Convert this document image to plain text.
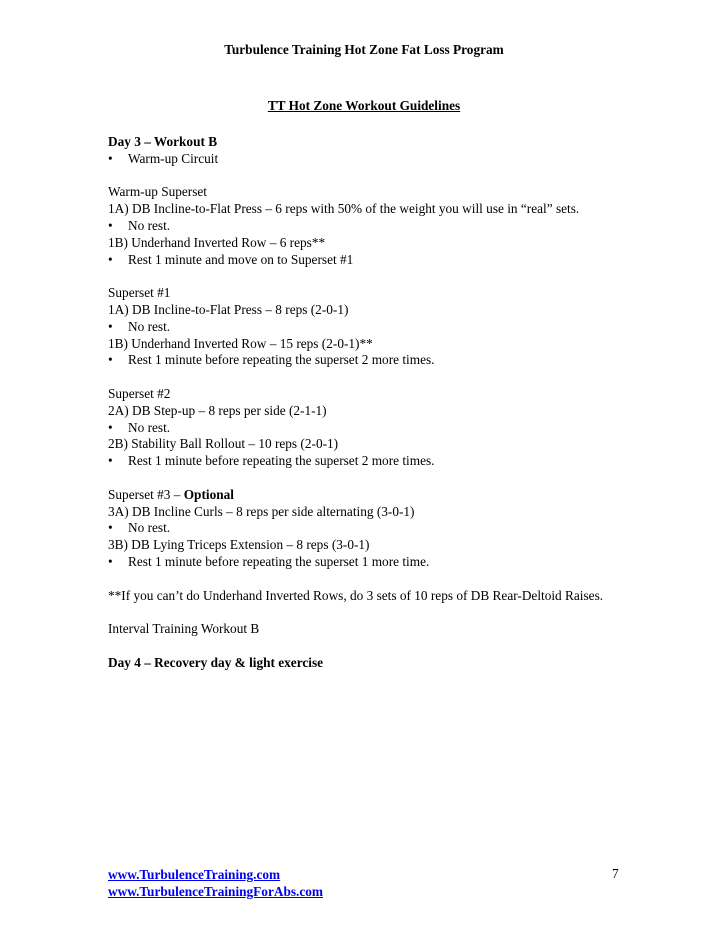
Turbulence Training Hot Zone Fat Loss Program
TT Hot Zone Workout Guidelines

Day 3 – Workout B

•	Warm-up Circuit

Warm-up Superset

1A) DB Incline-to-Flat Press – 6 reps with 50% of the weight you will use in “real” sets.

•	No rest.

1B) Underhand Inverted Row – 6 reps**

•	Rest 1 minute and move on to Superset #1

Superset #1

1A) DB Incline-to-Flat Press – 8 reps (2-0-1)

•	No rest.

1B) Underhand Inverted Row – 15 reps (2-0-1)**

•	Rest 1 minute before repeating the superset 2 more times.

Superset #2

2A) DB Step-up – 8 reps per side (2-1-1)

•	No rest.

2B) Stability Ball Rollout – 10 reps (2-0-1)

•	Rest 1 minute before repeating the superset 2 more times.

Superset #3 – Optional

3A) DB Incline Curls – 8 reps per side alternating (3-0-1)

•	No rest.

3B) DB Lying Triceps Extension – 8 reps (3-0-1)

•	Rest 1 minute before repeating the superset 1 more time.

**If you can’t do Underhand Inverted Rows, do 3 sets of 10 reps of DB Rear-Deltoid Raises.

Interval Training Workout B

Day 4 – Recovery day & light exercise

www.TurbulenceTraining.com
www.TurbulenceTrainingForAbs.com
7
